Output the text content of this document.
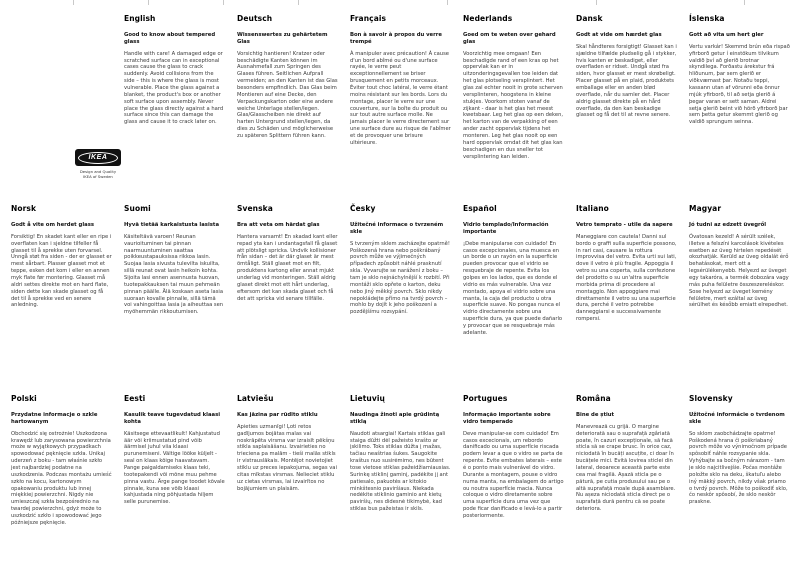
English
Good to know about tempered glass

Handle with care! A damaged edge or scratched surface can in exceptional cases cause the glass to crack suddenly. Avoid collisions from the side – this is where the glass is most vulnerable. Place the glass against a blanket, the product's box or another soft surface upon assembly. Never place the glass directly against a hard surface since this can damage the glass and cause it to crack later on.

Deutsch
Wissenswertes zu gehärtetem Glas

Vorsichtig hantieren! Kratzer oder beschädigte Kanten können im Ausnahmefall zum Springen des Glases führen. Seitlichen Aufprall vermeiden; an den Kanten ist das Glas besonders empfindlich. Das Glas beim Montieren auf eine Decke, den Verpackungskarton oder eine andere weiche Unterlage stellen/legen. Glas/Glasscheiben nie direkt auf harten Untergrund stellen/legen, da dies zu Schäden und möglicherweise zu späteren Splittern führen kann.

Français
Bon à savoir à propos du verre trempé

À manipuler avec précaution! À cause d'un bord abîmé ou d'une surface rayée, le verre peut exceptionnellement se briser brusquement en petits morceaux. Éviter tout choc latéral, le verre étant moins résistant sur les bords. Lors du montage, placer le verre sur une couverture, sur la boîte du produit ou sur tout autre surface molle. Ne jamais placer le verre directement sur une surface dure au risque de l'abîmer et de provoquer une brisure ultérieure.

Nederlands
Goed om te weten over gehard glas

Voorzichtig mee omgaan! Een beschadigde rand of een kras op het oppervlak kan er in uitzonderingsgevallen toe leiden dat het glas plotseling versplintert. Het glas zal echter nooit in grote scherven versplinteren, hoogstens in kleine stukjes. Voorkom stoten vanaf de zijkant - daar is het glas het meest kwetsbaar. Leg het glas op een deken, het karton van de verpakking of een ander zacht oppervlak tijdens het monteren. Leg het glas nooit op een hard oppervlak omdat dit het glas kan beschadigen en dus sneller tot versplintering kan leiden.

Dansk
Godt at vide om hærdet glas

Skal håndteres forsigtigt! Glasset kan i sjældne tilfælde pludselig gå i stykker, hvis kanten er beskadiget, eller overfladen er ridset. Undgå stød fra siden, hvor glasset er mest skrøbeligt. Placer glasset på en plaid, produktets emballage eller en anden blød overflade, når du samler det. Placer aldrig glasset direkte på en hård overflade, da den kan beskadige glasset og få det til at revne senere.

Íslenska
Gott að vita um hert gler

Vertu varkár! Skemmd brún eða rispað yfirborð getur í einstökum tilvikum valdið því að glerið brotnar skyndilega. Forðastu árekstur frá hliðunum, þar sem glerið er viðkvæmast þar. Notaðu teppi, kassann utan af vörunni eða önnur mjúk yfirborð, til að setja glerið á þegar varan er sett saman. Aldrei setja glerið beint við hörð yfirborð þar sem þetta getur skemmt glerið og valdið sprungum seinna.

IKEA
Design and Quality
IKEA of Sweden
Norsk
Godt å vite om herdet glass

Forsiktig! En skadet kant eller en ripe i overflaten kan i sjeldne tilfeller få glasset til å sprekke uten forvarsel. Unngå støt fra siden - der er glasset er mest sårbart. Plasser glasset mot et teppe, esken det kom i eller en annen myk flate før montering. Glasset må aldri settes direkte mot en hard flate, siden dette kan skade glasset og få det til å sprekke ved en senere anledning.

Suomi
Hyvä tietää karkaistusta lasista

Käsiteltävä varoen! Reunan vaurioituminen tai pinnan naarmuuntuminen saattaa poikkeustapauksissa rikkoa lasin. Suojaa lasia sivusta tulevilta iskuilta, sillä reunat ovat lasin heikoin kohta. Sijoita lasi ennen asennusta huovan, tuotepakkauksen tai muun pehmeän pinnan päälle. Älä koskaan aseta lasia suoraan kovalle pinnalle, sillä tämä voi vahingoittaa lasia ja aiheuttaa sen myöhemmän rikkoutumisen.

Svenska
Bra att veta om härdat glas

Hantera varsamt! En skadad kant eller repad yta kan i undantagsfall få glaset att plötsligt spricka. Undvik kollisioner från sidan – det är där glaset är mest ömtåligt. Ställ glaset mot en filt, produktens kartong eller annat mjukt underlag vid monteringen. Ställ aldrig glaset direkt mot ett hårt underlag, eftersom det kan skada glaset och få det att spricka vid senare tillfälle.

Česky
Užitečné informace o tvrzeném skle

S tvrzeným sklem zacházejte opatrně! Poškozená hrana nebo poškrábaný povrch může ve výjimečných případech způsobit náhlé prasknutí skla. Vyvarujte se narážení z boku – tam je sklo nejnáchylnější k rozbití. Při montáži sklo opřete o karton, deku nebo jiný měkký povrch. Sklo nikdy nepokládejte přímo na tvrdý povrch – mohlo by dojít k jeho poškození a pozdějšímu rozsypání.

Español
Vidrio templado/Información importante

¡Debe manipularse con cuidado! En casos excepcionales, una muesca en un borde o un rayón en la superficie pueden provocar que el vidrio se resquebraje de repente. Evita los golpes en los lados, que es donde el vidrio es más vulnerable. Una vez montado, apoya el vidrio sobre una manta, la caja del producto u otra superficie suave. No pongas nunca el vidrio directamente sobre una superficie dura, ya que puede dañarlo y provocar que se resquebraje más adelante.

Italiano
Vetro temprato - utile da sapere

Maneggiare con cautela! Danni sul bordo o graffi sulla superficie possono, in rari casi, causare la rottura improvvisa del vetro. Evita urti sui lati, dove il vetro è più fragile. Appoggia il vetro su una coperta, sulla confezione del prodotto o su un'altra superficie morbida prima di procedere al montaggio. Non appoggiare mai direttamente il vetro su una superficie dura, perché il vetro potrebbe danneggiarsi e successivamente rompersi.

Magyar
Jó tudni az edzett üvegről

Óvatosan kezeld! A sérült szélek, illetve a felszíni karcolások kivételes esetben az üveg hirtelen repedését okozhatják. Kerüld az üveg oldalát érő behatásokat, mert ott a legsérülékenyebb. Helyezd az üveget egy takaróra, a termék dobozára vagy más puha felületre összeszereléskor. Sose helyezd az üveget kemény felületre, mert ezáltal az üveg sérülhet és később emiatt elrepedhet.

Polski
Przydatne informacje o szkle hartowanym

Obchodzić się ostrożnie! Uszkodzona krawędź lub zarysowana powierzchnia może w wyjątkowych przypadkach spowodować pęknięcie szkła. Unikaj uderzeń z boku - tam właśnie szkło jest najbardziej podatne na uszkodzenia. Podczas montażu umieść szkło na kocu, kartonowym opakowaniu produktu lub innej miękkiej powierzchni. Nigdy nie umieszczaj szkła bezpośrednio na twardej powierzchni, gdyż może to uszkodzić szkło i spowodować jego późniejsze pęknięcie.

Eesti
Kasulik teave tugevdatud klaasi kohta

Käsitsege ettevaatlikult! Kahjustatud äär või kriimustatud pind võib äärmisel juhul viia klaasi purunemiseni. Vältige lööke küljelt - seal on klaas kõige haavatavam. Pange paigaldamiseks klaas teki, tootepakendi või mõne muu pehme pinna vastu. Ärge pange toodet kõvale pinnale, kuna see võib klaasi kahjustada ning põhjustada hiljem selle purunemise.

Latviešu
Kas jāzina par rūdīto stiklu

Apieties uzmanīgi! Ļoti retos gadījumos bojātas malas vai noskrāpēta virsma var izraisīt pēkšņu stikla saplaisāšanu. Izvairieties no trieciena pa malām - tieši malās stikls ir vistrauslākais. Montējot novietojiet stiklu uz preces iepakojuma, segas vai citas mīkstas virsmas. Nelieciet stiklu uz cietas virsmas, lai izvairītos no bojājumiem un plaisām.

Lietuvių
Naudinga žinoti apie grūdintą stiklą

Naudoti atsargiai! Kartais stiklas gali staiga dūžti dėl pažeisto krašto ar įskilimo. Toks stiklas dūžta į mažas, tačiau neaštrias šukes. Saugokite kraštus nuo susirėmimo, nes būtent tose vietose stiklas pažeidžiamiausias. Surinkę stiklinį gaminį, padėkite jį ant patiesalo, pakuotės ar kitokio minkštesnio paviršiaus. Niekada nedėkite stiklinio gaminio ant kietų paviršių, nes didesnė tikimybė, kad stiklas bus pažeistas ir skils.

Portugues
Informação importante sobre vidro temperado

Deve manipular-se com cuidado! Em casos excecionais, um rebordo danificado ou uma superfície riscada podem levar a que o vidro se parta de repente. Evite embates laterais – este é o ponto mais vulnerável do vidro. Durante a montagem, pouse o vidro numa manta, na embalagem do artigo ou noutra superfície macia. Nunca coloque o vidro diretamente sobre uma superfície dura uma vez que pode ficar danificado e levá-lo a partir posteriormente.

Româna
Bine de știut

Manevrează cu grijă. O margine deteriorată sau o suprafață zgâriată poate, în cazuri excepționale, să facă sticla să se crape brusc. În orice caz, niciodată în bucăți ascuțite, ci doar în bucățele mici. Evită lovirea sticlei din lateral, deoarece această parte este cea mai fragilă. Așază sticla pe o pătură, pe cutia produsului sau pe o altă suprafață moale după asamblare. Nu așeza niciodată sticla direct pe o suprafață dură pentru că se poate deteriora.

Slovensky
Užitočné informácie o tvrdenom skle

So sklom zaobchádzajte opatrne! Poškodená hrana či poškriabaný povrch môže vo výnimočnom prípade spôsobiť náhle rozsypanie skla. Vyhýbajte sa bočným nárazom - tam je sklo najcitlivejšie. Počas montáže položte sklo na deku, škatuľu alebo iný mäkký povrch, nikdy však priamo o tvrdý povrch. Môže to poškodiť sklo, čo neskôr spôsobí, že sklo neskôr praskne.
